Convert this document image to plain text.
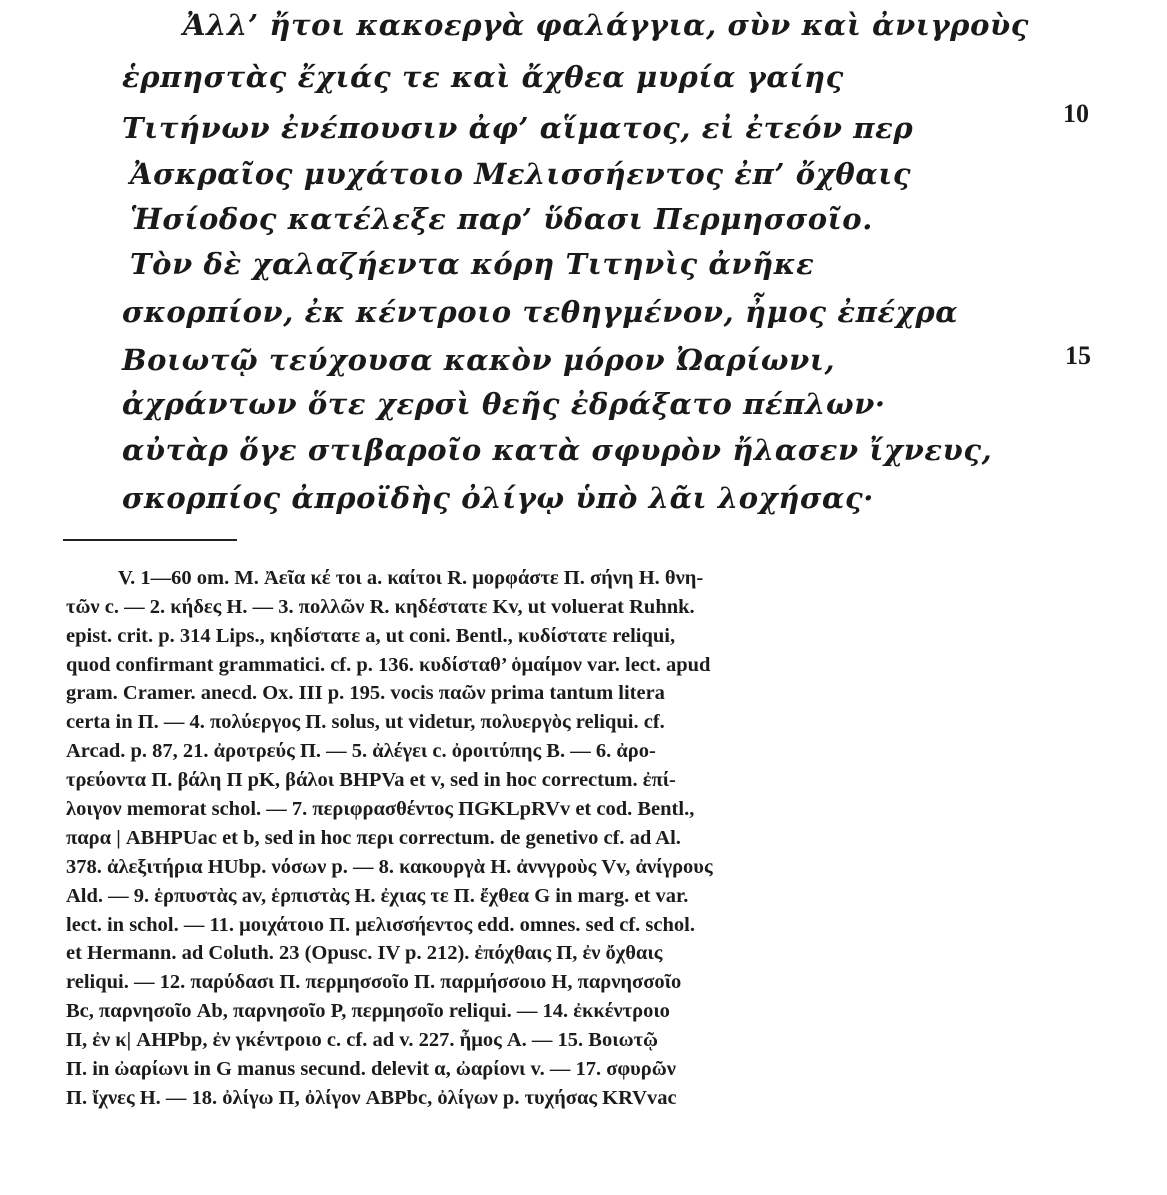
Ἀλλ’ ἤτοι κακοεργὰ φαλάγγια, σὺν καὶ ἀνιγροὺς
ἑρπηστὰς ἔχιάς τε καὶ ἄχθεα μυρία γαίης
Τιτήνων ἐνέπουσιν ἀφ’ αἵματος, εἰ ἐτεόν περ
Ἀσκραῖος μυχάτοιο Μελισσήεντος ἐπ’ ὄχθαις
Ἡσίοδος κατέλεξε παρ’ ὕδασι Περμησσοῖο.
Τὸν δὲ χαλαζήεντα κόρη Τιτηνὶς ἀνῆκε
σκορπίον, ἐκ κέντροιο τεθηγμένον, ἦμος ἐπέχρα
Βοιωτῷ τεύχουσα κακὸν μόρον Ὠαρίωνι,
ἀχράντων ὅτε χερσὶ θεῆς ἐδράξατο πέπλων·
αὐτὰρ ὅγε στιβαροῖο κατὰ σφυρὸν ἤλασεν ἴχνευς,
σκορπίος ἀπροϊδὴς ὀλίγῳ ὑπὸ λᾶι λοχήσας·
10
15
V. 1—60 om. M. Ἀεῖα κέ τοι a. καίτοι R. μορφάστε Π. σήνη H. θνη-
τῶν c. — 2. κήδες H. — 3. πολλῶν R. κηδέστατε Kv, ut voluerat Ruhnk.
epist. crit. p. 314 Lips., κηδίστατε a, ut coni. Bentl., κυδίστατε reliqui,
quod confirmant grammatici. cf. p. 136. κυδίσταθ’ ὁμαίμον var. lect. apud
gram. Cramer. anecd. Ox. III p. 195. vocis παῶν prima tantum litera
certa in Π. — 4. πολύεργος Π. solus, ut videtur, πολυεργὸς reliqui. cf.
Arcad. p. 87, 21. ἀροτρεύς Π. — 5. ἀλέγει c. ὀροιτύπης B. — 6. ἀρο-
τρεύοντα Π. βάλη Π pK, βάλοι BHPVa et v, sed in hoc correctum. ἐπί-
λοιγον memorat schol. — 7. περιφρασθέντος ΠGKLpRVv et cod. Bentl.,
παρα | ABHPUac et b, sed in hoc περι correctum. de genetivo cf. ad Al.
378. ἀλεξιτήρια HUbp. νόσων p. — 8. κακουργὰ H. ἀννγροὺς Vv, ἀνίγρους
Ald. — 9. ἑρπυστὰς av, ἑρπιστὰς H. ἐχιας τε Π. ἔχθεα G in marg. et var.
lect. in schol. — 11. μοιχάτοιο Π. μελισσήεντος edd. omnes. sed cf. schol.
et Hermann. ad Coluth. 23 (Opusc. IV p. 212). ἐπόχθαις Π, ἐν ὄχθαις
reliqui. — 12. παρύδασι Π. περμησσοῖο Π. παρμήσσοιο H, παρνησσοῖο
Bc, παρνησοῖο Ab, παρνησοῖο P, περμησοῖο reliqui. — 14. ἐκκέντροιο
Π, ἐν κ| AHPbp, ἐν γκέντροιο c. cf. ad v. 227. ἦμος A. — 15. Βοιωτῷ
Π. in ὠαρίωνι in G manus secund. delevit α, ὠαρίονι v. — 17. σφυρῶν
Π. ἴχνες H. — 18. ὀλίγω Π, ὀλίγον ABPbc, ὀλίγων p. τυχήσας KRVvac
